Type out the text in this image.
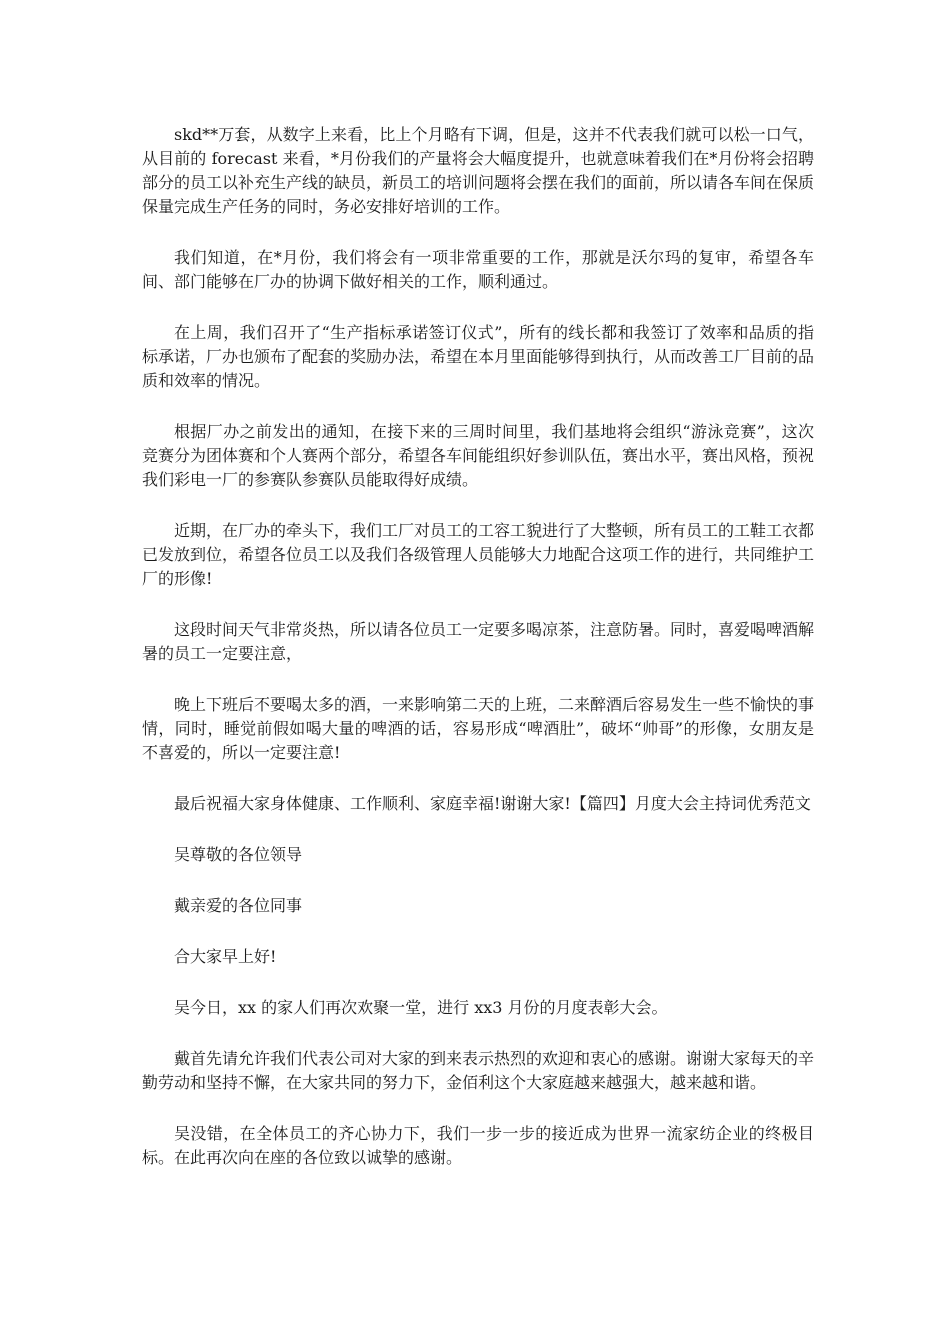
skd**万套，从数字上来看，比上个月略有下调，但是，这并不代表我们就可以松一口气，从目前的 forecast 来看，*月份我们的产量将会大幅度提升，也就意味着我们在*月份将会招聘部分的员工以补充生产线的缺员，新员工的培训问题将会摆在我们的面前，所以请各车间在保质保量完成生产任务的同时，务必安排好培训的工作。

我们知道，在*月份，我们将会有一项非常重要的工作，那就是沃尔玛的复审，希望各车间、部门能够在厂办的协调下做好相关的工作，顺利通过。

在上周，我们召开了“生产指标承诺签订仪式”，所有的线长都和我签订了效率和品质的指标承诺，厂办也颁布了配套的奖励办法，希望在本月里面能够得到执行，从而改善工厂目前的品质和效率的情况。

根据厂办之前发出的通知，在接下来的三周时间里，我们基地将会组织“游泳竞赛”，这次竞赛分为团体赛和个人赛两个部分，希望各车间能组织好参训队伍，赛出水平，赛出风格，预祝我们彩电一厂的参赛队参赛队员能取得好成绩。

近期，在厂办的牵头下，我们工厂对员工的工容工貌进行了大整顿，所有员工的工鞋工衣都已发放到位，希望各位员工以及我们各级管理人员能够大力地配合这项工作的进行，共同维护工厂的形像!

这段时间天气非常炎热，所以请各位员工一定要多喝凉茶，注意防暑。同时，喜爱喝啤酒解暑的员工一定要注意，

晚上下班后不要喝太多的酒，一来影响第二天的上班，二来醉酒后容易发生一些不愉快的事情，同时，睡觉前假如喝大量的啤酒的话，容易形成“啤酒肚”，破坏“帅哥”的形像，女朋友是不喜爱的，所以一定要注意!

最后祝福大家身体健康、工作顺利、家庭幸福!谢谢大家!【篇四】月度大会主持词优秀范文

吴尊敬的各位领导

戴亲爱的各位同事

合大家早上好!

吴今日，xx 的家人们再次欢聚一堂，进行 xx3 月份的月度表彰大会。

戴首先请允许我们代表公司对大家的到来表示热烈的欢迎和衷心的感谢。谢谢大家每天的辛勤劳动和坚持不懈，在大家共同的努力下，金佰利这个大家庭越来越强大，越来越和谐。

吴没错，在全体员工的齐心协力下，我们一步一步的接近成为世界一流家纺企业的终极目标。在此再次向在座的各位致以诚挚的感谢。
